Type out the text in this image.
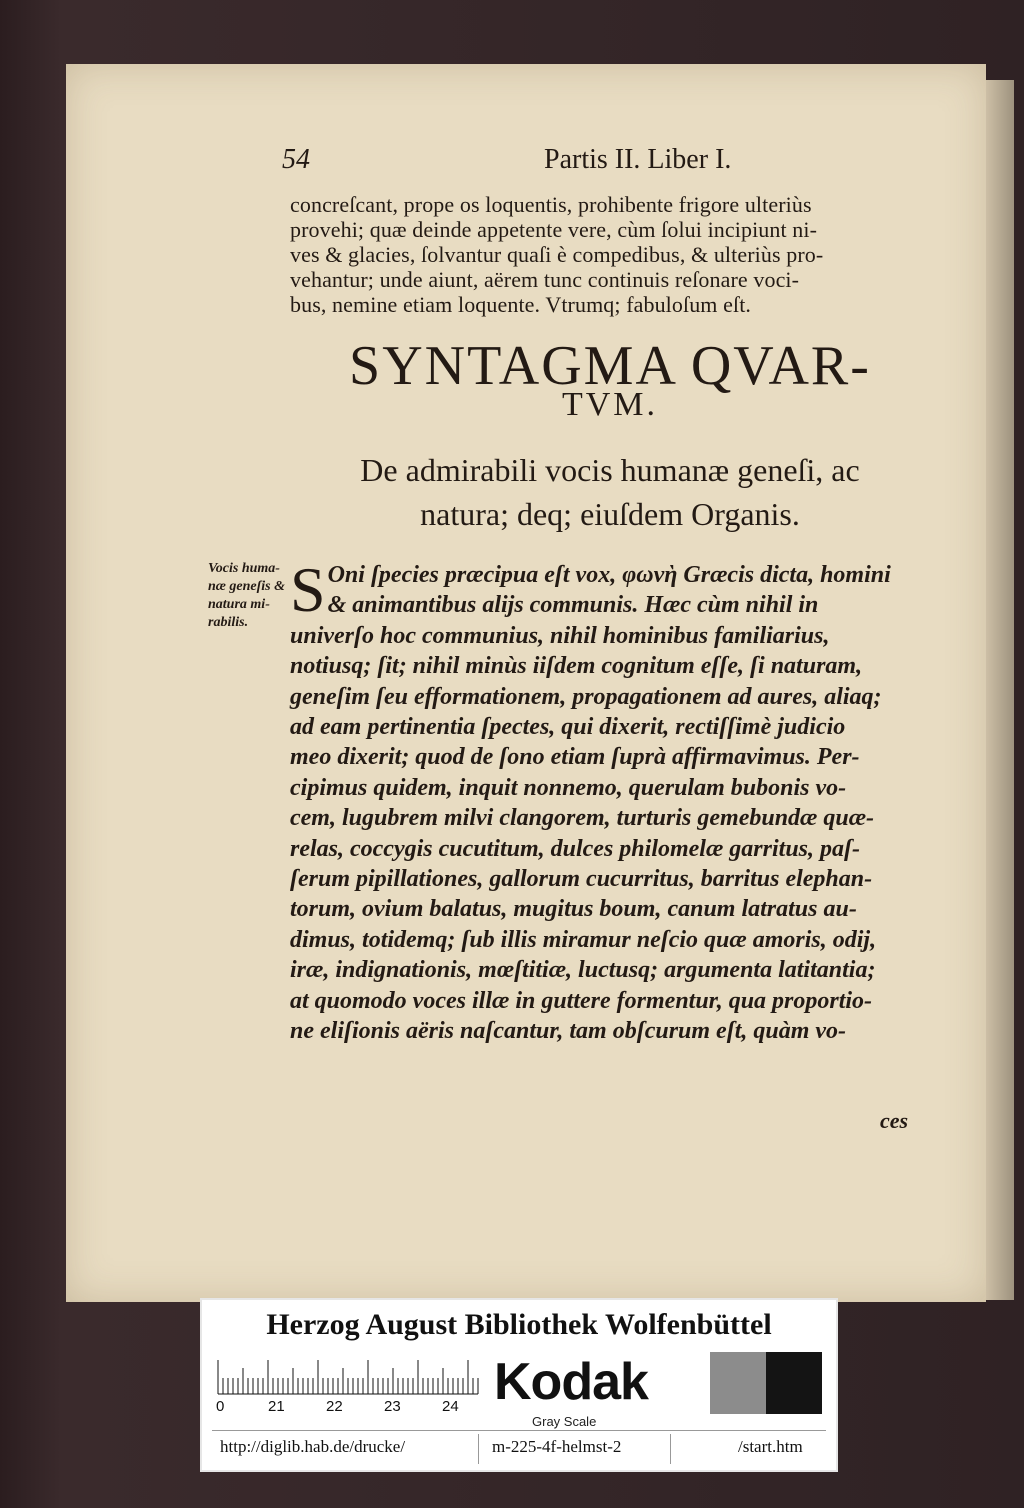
54	Partis II. Liber I.
concreſcant, prope os loquentis, prohibente frigore ulteriùs
provehi; quæ deinde appetente vere, cùm ſolui incipiunt ni-
ves & glacies, ſolvantur quaſi è compedibus, & ulteriùs pro-
vehantur; unde aiunt, aërem tunc continuis reſonare voci-
bus, nemine etiam loquente. Vtrumq; fabuloſum eſt.
SYNTAGMA QVAR-
TVM.
De admirabili vocis humanæ geneſi, ac
natura; deq; eiuſdem Organis.
Vocis huma-
næ geneſis &
natura mi-
rabilis. S Oni ſpecies præcipua eſt vox, φωνὴ Græcis dicta, homini
& animantibus alijs communis. Hæc cùm nihil in
univerſo hoc communius, nihil hominibus familiarius,
notiusq; ſit; nihil minùs iiſdem cognitum eſſe, ſi naturam,
geneſim ſeu efformationem, propagationem ad aures, aliaq;
ad eam pertinentia ſpectes, qui dixerit, rectiſſimè judicio
meo dixerit; quod de ſono etiam ſuprà affirmavimus. Per-
cipimus quidem, inquit nonnemo, querulam bubonis vo-
cem, lugubrem milvi clangorem, turturis gemebundæ quæ-
relas, coccygis cucutitum, dulces philomelæ garritus, paſ-
ſerum pipillationes, gallorum cucurritus, barritus elephan-
torum, ovium balatus, mugitus boum, canum latratus au-
dimus, totidemq; ſub illis miramur neſcio quæ amoris, odij,
iræ, indignationis, mœſtitiæ, luctusq; argumenta latitantia;
at quomodo voces illæ in guttere formentur, qua proportio-
ne eliſionis aëris naſcantur, tam obſcurum eſt, quàm vo-
ces
Herzog August Bibliothek Wolfenbüttel
0	21	22	23	24 Kodak
Gray Scale
http://diglib.hab.de/drucke/	m-225-4f-helmst-2	/start.htm
